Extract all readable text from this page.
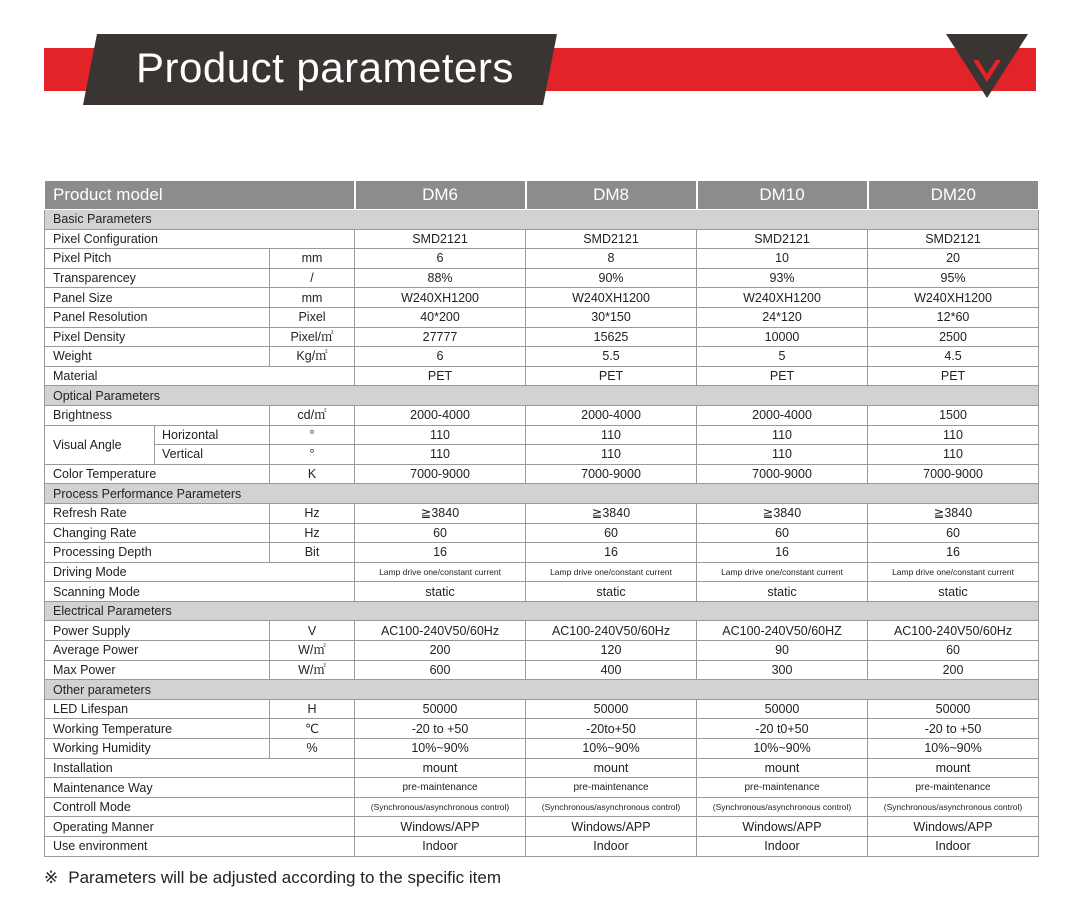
Product parameters
Product model			DM6	DM8	DM10	DM20
Basic Parameters						
Pixel Configuration			SMD2121	SMD2121	SMD2121	SMD2121
Pixel Pitch		mm	6	8	10	20
Transparencey		/	88%	90%	93%	95%
Panel Size		mm	W240XH1200	W240XH1200	W240XH1200	W240XH1200
Panel Resolution		Pixel	40*200	30*150	24*120	12*60
Pixel Density		Pixel/㎡	27777	15625	10000	2500
Weight		Kg/㎡	6	5.5	5	4.5
Material			PET	PET	PET	PET
Optical Parameters						
Brightness		cd/㎡	2000-4000	2000-4000	2000-4000	1500
Visual Angle	Horizontal	°	110	110	110	110
	Vertical	°	110	110	110	110
Color Temperature		K	7000-9000	7000-9000	7000-9000	7000-9000
Process Performance Parameters						
Refresh Rate		Hz	≧3840	≧3840	≧3840	≧3840
Changing Rate		Hz	60	60	60	60
Processing Depth		Bit	16	16	16	16
Driving Mode			Lamp drive one/constant current	Lamp drive one/constant current	Lamp drive one/constant current	Lamp drive one/constant current
Scanning Mode			static	static	static	static
Electrical Parameters						
Power Supply		V	AC100-240V50/60Hz	AC100-240V50/60Hz	AC100-240V50/60HZ	AC100-240V50/60Hz
Average Power		W/㎡	200	120	90	60
Max Power		W/㎡	600	400	300	200
Other parameters						
LED Lifespan		H	50000	50000	50000	50000
Working Temperature		℃	-20 to +50	-20to+50	-20 t0+50	-20 to +50
Working Humidity		%	10%~90%	10%~90%	10%~90%	10%~90%
Installation			mount	mount	mount	mount
Maintenance Way			pre-maintenance	pre-maintenance	pre-maintenance	pre-maintenance
Controll Mode			(Synchronous/asynchronous control)	(Synchronous/asynchronous control)	(Synchronous/asynchronous control)	(Synchronous/asynchronous control)
Operating Manner			Windows/APP	Windows/APP	Windows/APP	Windows/APP
Use environment			Indoor	Indoor	Indoor	Indoor
※ Parameters will be adjusted according to the specific item
